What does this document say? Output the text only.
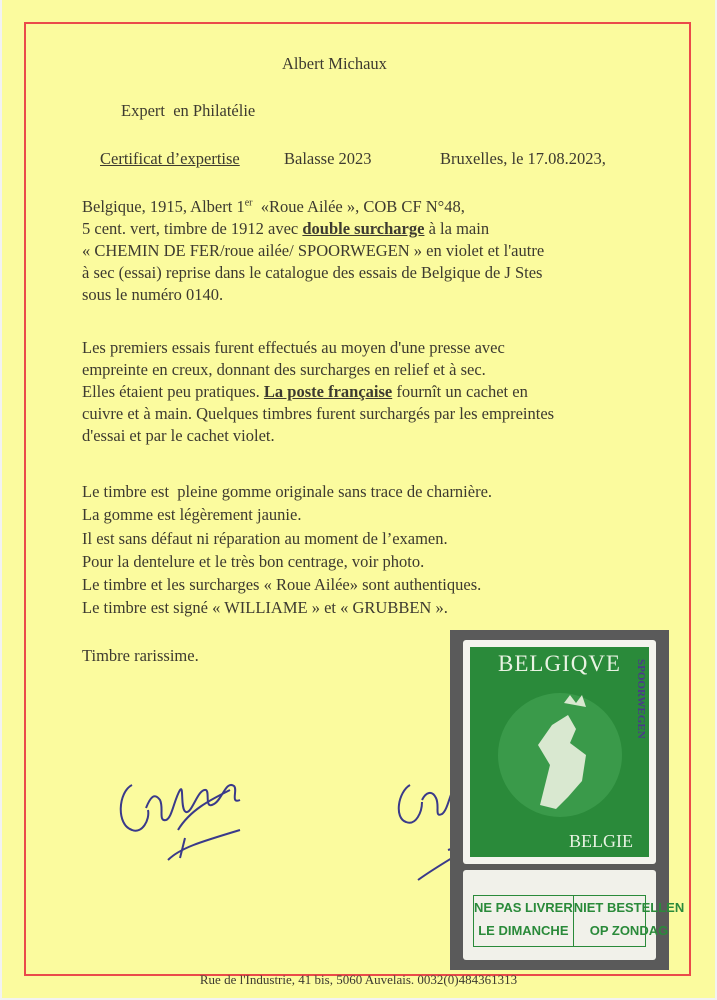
Albert Michaux

Expert  en Philatélie

Certificat d’expertise	Balasse 2023	Bruxelles, le 17.08.2023,

Belgique, 1915, Albert 1er  «Roue Ailée », COB CF N°48,
5 cent. vert, timbre de 1912 avec double surcharge à la main
« CHEMIN DE FER/roue ailée/ SPOORWEGEN » en violet et l'autre
à sec (essai) reprise dans le catalogue des essais de Belgique de J Stes
sous le numéro 0140.
Les premiers essais furent effectués au moyen d'une presse avec
empreinte en creux, donnant des surcharges en relief et à sec.
Elles étaient peu pratiques. La poste française fournît un cachet en
cuivre et à main. Quelques timbres furent surchargés par les empreintes
d'essai et par le cachet violet.
Le timbre est  pleine gomme originale sans trace de charnière.
La gomme est légèrement jaunie.
Il est sans défaut ni réparation au moment de l’examen.
Pour la dentelure et le très bon centrage, voir photo.
Le timbre et les surcharges « Roue Ailée» sont authentiques.
Le timbre est signé « WILLIAME » et « GRUBBEN ».

Timbre rarissime.	BELGIQVE	SPOORWEGEN
BELGIE
NE PAS LIVRER
LE DIMANCHE
NIET BESTELLEN
OP ZONDAG
Rue de l'Industrie, 41 bis, 5060 Auvelais. 0032(0)484361313
